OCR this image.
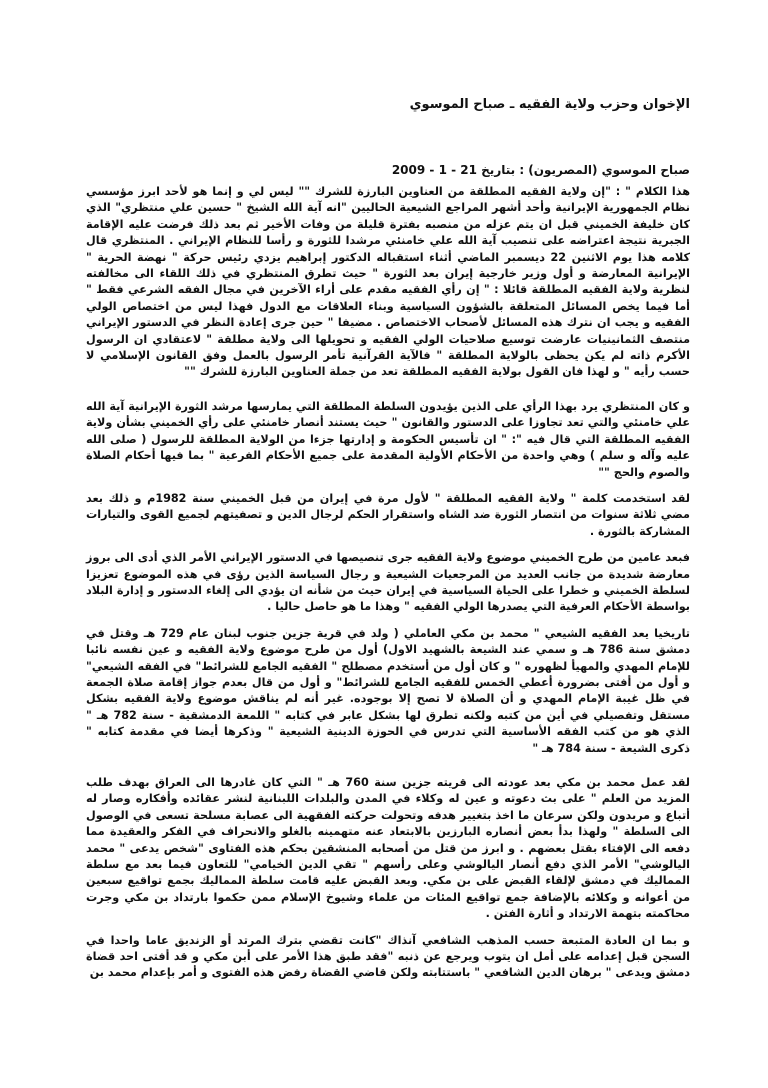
الإخوان وحزب ولاية الفقيه ـ صباح الموسوي
صباح الموسوي (المصريون) : بتاريخ 21 - 1 - 2009

هذا الكلام " : "إن ولاية الفقيه المطلقة من العناوين البارزة للشرك "" ليس لي و إنما هو لأحد ابرز مؤسسي نظام الجمهورية الإيرانية وأحد أشهر المراجع الشيعية الحاليين "انه آية الله الشيخ " حسين علي منتظري" الذي كان خليفة الخميني قبل ان يتم عزله من منصبه بفترة قليلة من وفات الأخير ثم بعد ذلك فرضت عليه الإقامة الجبرية نتيجة اعتراضه على تنصيب آية الله علي خامنئي مرشدا للثورة و رأسا للنظام الإيراني . المنتظري قال كلامه هذا يوم الاثنين 22 ديسمبر الماضي أثناء استقباله الدكتور إبراهيم يزدي رئيس حركة " نهضة الحرية " الإيرانية المعارضة و أول وزير خارجية إيران بعد الثورة " حيث تطرق المنتظري في ذلك اللقاء الى مخالفته لنظرية ولاية الفقيه المطلقة قائلا : " إن رأي الفقيه مقدم على أراء الآخرين في مجال الفقه الشرعي فقط " أما فيما يخص المسائل المتعلقة بالشؤون السياسية وبناء العلاقات مع الدول فهذا ليس من اختصاص الولي الفقيه و يجب ان نترك هذه المسائل لأصحاب الاختصاص . مضيفا " حين جرى إعادة النظر في الدستور الإيراني منتصف الثمانينيات عارضت توسيع صلاحيات الولي الفقيه و تحويلها الى ولاية مطلقة " لاعتقادي ان الرسول الأكرم ذاته لم يكن يحظى بالولاية المطلقة " فالآية القرآنية تأمر الرسول بالعمل وفق القانون الإسلامي لا حسب رأيه " و لهذا فان القول بولاية الفقيه المطلقة تعد من جملة العناوين البارزة للشرك ""

و كان المنتظري يرد بهذا الرأي على الذين يؤيدون السلطة المطلقة التي يمارسها مرشد الثورة الإيرانية آية الله علي خامنئي والتي تعد تجاوزا على الدستور والقانون " حيث يستند أنصار خامنئي على رأي الخميني بشأن ولاية الفقيه المطلقة التي قال فيه ": " ان تأسيس الحكومة و إدارتها جزءا من الولاية المطلقة للرسول ( صلى الله عليه وآله و سلم ) وهي واحدة من الأحكام الأولية المقدمة على جميع الأحكام الفرعية " بما فيها أحكام الصلاة والصوم والحج ""

لقد استخدمت كلمة " ولاية الفقيه المطلقة " لأول مرة في إيران من قبل الخميني سنة 1982م و ذلك بعد مضي ثلاثة سنوات من انتصار الثورة ضد الشاه واستقرار الحكم لرجال الدين و تصفيتهم لجميع القوى والتيارات المشاركة بالثورة .

فبعد عامين من طرح الخميني موضوع ولاية الفقيه جرى تنصيصها في الدستور الإيراني الأمر الذي أدى الى بروز معارضة شديدة من جانب العديد من المرجعيات الشيعية و رجال السياسة الذين رؤى في هذه الموضوع تعزيزا لسلطة الخميني و خطرا على الحياة السياسية في إيران حيث من شأنه ان يؤدي الى إلغاء الدستور و إدارة البلاد بواسطة الأحكام العرفية التي يصدرها الولي الفقيه " وهذا ما هو حاصل حاليا .

تاريخيا يعد الفقيه الشيعي " محمد بن مكي العاملي ( ولد في قرية جزين جنوب لبنان عام 729 هـ وقتل في دمشق سنة 786 هـ و سمي عند الشيعة بالشهيد الاول) أول من طرح موضوع ولاية الفقيه و عين نفسه نائبا للإمام المهدي والمهيأ لظهوره " و كان أول من أستخدم مصطلح " الفقيه الجامع للشرائط" في الفقه الشيعي" و أول من أفتى بضرورة أعطي الخمس للفقيه الجامع للشرائط" و أول من قال بعدم جواز إقامة صلاة الجمعة في ظل غيبة الإمام المهدي و أن الصلاة لا تصح إلا بوجوده. غير أنه لم يناقش موضوع ولاية الفقيه بشكل مستقل وتفصيلي في أين من كتبه ولكنه تطرق لها بشكل عابر في كتابه " اللمعة الدمشقية - سنة 782 هـ " الذي هو من كتب الفقه الأساسية التي تدرس في الحوزة الدينية الشيعية " وذكرها أيضا في مقدمة كتابه " ذكرى الشيعة - سنة 784 هـ "

لقد عمل محمد بن مكي بعد عودته الى قريته جزين سنة 760 هـ " التي كان غادرها الى العراق بهدف طلب المزيد من العلم " على بث دعوته و عين له وكلاء في المدن والبلدات اللبنانية لنشر عقائده وأفكاره وصار له أتباع و مريدون ولكن سرعان ما اخذ بتغيير هدفه وتحولت حركته الفقهية الى عصابة مسلحة تسعى في الوصول الى السلطة " ولهذا بدأ بعض أنصاره البارزين بالابتعاد عنه متهمينه بالغلو والانحراف في الفكر والعقيدة مما دفعه الى الإفتاء بقتل بعضهم . و ابرز من قتل من أصحابه المنشقين بحكم هذه الفتاوى "شخص يدعى " محمد اليالوشي" الأمر الذي دفع أنصار اليالوشي وعلى رأسهم " تقي الدين الخيامي" للتعاون فيما بعد مع سلطة المماليك في دمشق لإلقاء القبض على بن مكي. وبعد القبض عليه قامت سلطة المماليك بجمع تواقيع سبعين من أعوانه و وكلائه بالإضافة جمع تواقيع المئات من علماء وشيوخ الإسلام ممن حكموا بارتداد بن مكي وجرت محاكمته بتهمة الارتداد و أثارة الفتن .

و بما ان العادة المتبعة حسب المذهب الشافعي آنذاك "كانت تقضي بترك المرتد أو الزنديق عاما واحدا في السجن قبل إعدامه على أمل ان يتوب ويرجع عن ذنبه "فقد طبق هذا الأمر على أبن مكي و قد أفتى احد قضاة دمشق ويدعى " برهان الدين الشافعي " باستتابته ولكن قاضي القضاة رفض هذه الفتوى و أمر بإعدام محمد بن
